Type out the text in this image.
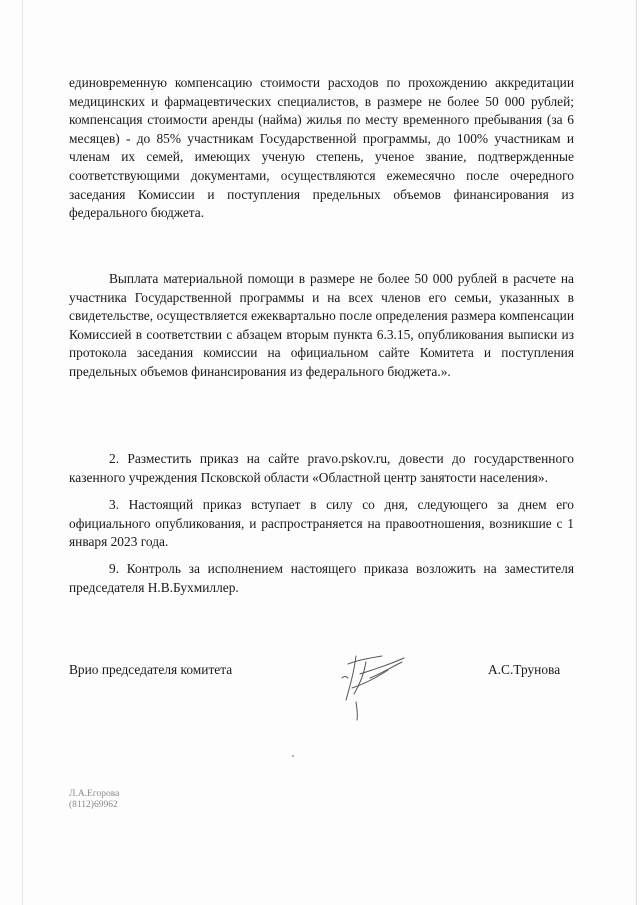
единовременную компенсацию стоимости расходов по прохождению аккредитации медицинских и фармацевтических специалистов, в размере не более 50 000 рублей; компенсация стоимости аренды (найма) жилья по месту временного пребывания (за 6 месяцев) - до 85% участникам Государственной программы, до 100% участникам и членам их семей, имеющих ученую степень, ученое звание, подтвержденные соответствующими документами, осуществляются ежемесячно после очередного заседания Комиссии и поступления предельных объемов финансирования из федерального бюджета.

Выплата материальной помощи в размере не более 50 000 рублей в расчете на участника Государственной программы и на всех членов его семьи, указанных в свидетельстве, осуществляется ежеквартально после определения размера компенсации Комиссией в соответствии с абзацем вторым пункта 6.3.15, опубликования выписки из протокола заседания комиссии на официальном сайте Комитета и поступления предельных объемов финансирования из федерального бюджета.».

2. Разместить приказ на сайте pravo.pskov.ru, довести до государственного казенного учреждения Псковской области «Областной центр занятости населения».

3. Настоящий приказ вступает в силу со дня, следующего за днем его официального опубликования, и распространяется на правоотношения, возникшие с 1 января 2023 года.

9. Контроль за исполнением настоящего приказа возложить на заместителя председателя Н.В.Бухмиллер.

Врио председателя комитета	А.С.Трунова
Л.А.Егорова
(8112)69962
